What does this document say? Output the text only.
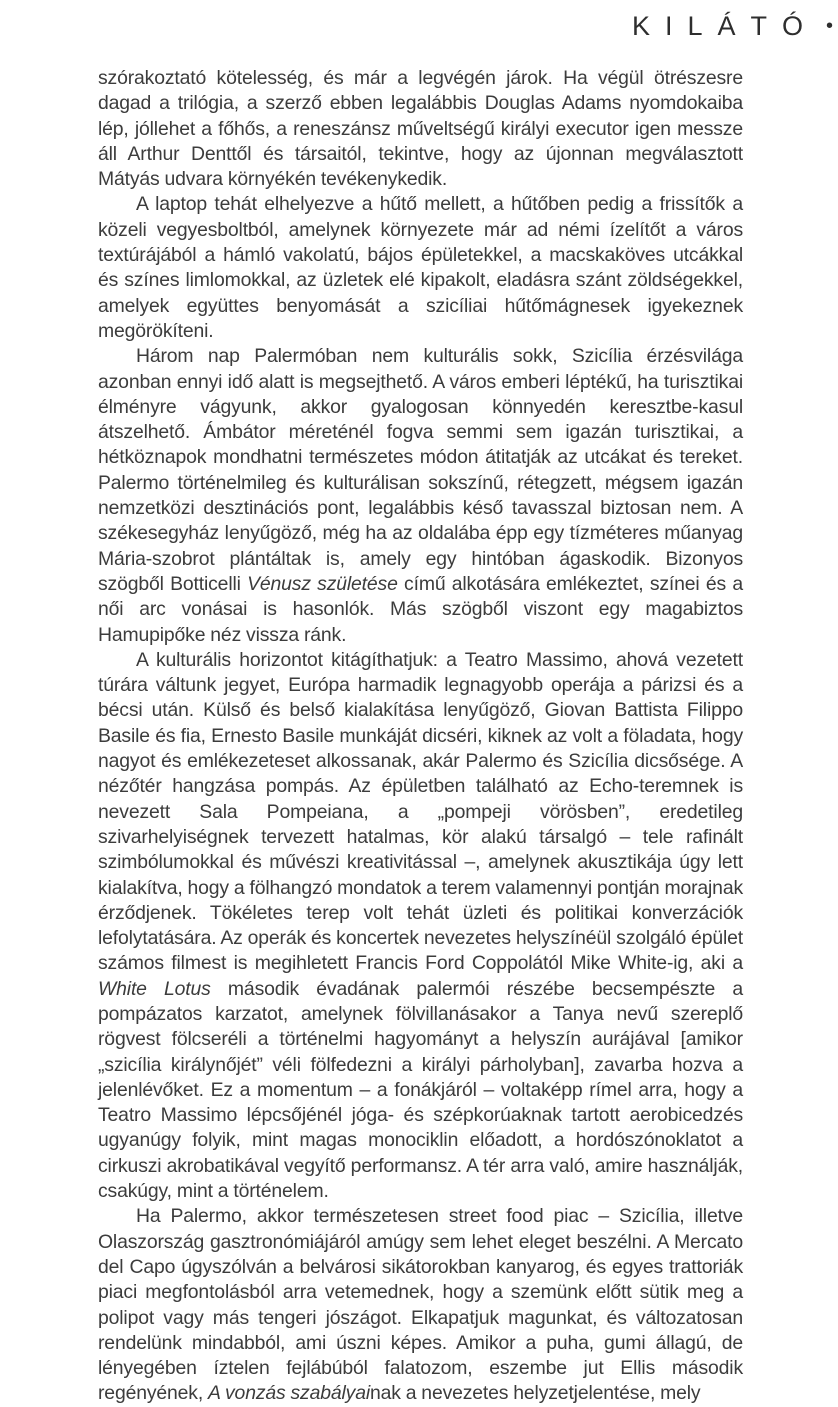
KILÁTÓ •

szórakoztató kötelesség, és már a legvégén járok. Ha végül ötrészesre dagad a trilógia, a szerző ebben legalábbis Douglas Adams nyomdokaiba lép, jóllehet a főhős, a reneszánsz műveltségű királyi executor igen messze áll Arthur Denttől és társaitól, tekintve, hogy az újonnan megválasztott Mátyás udvara környékén tevékenykedik.

A laptop tehát elhelyezve a hűtő mellett, a hűtőben pedig a frissítők a közeli vegyesboltból, amelynek környezete már ad némi ízelítőt a város textúrájából a hámló vakolatú, bájos épületekkel, a macskaköves utcákkal és színes limlomokkal, az üzletek elé kipakolt, eladásra szánt zöldségekkel, amelyek együttes benyomását a szicíliai hűtőmágnesek igyekeznek megörökíteni.

Három nap Palermóban nem kulturális sokk, Szicília érzésvilága azonban ennyi idő alatt is megsejthető. A város emberi léptékű, ha turisztikai élményre vágyunk, akkor gyalogosan könnyedén keresztbe-kasul átszelhető. Ámbátor méreténél fogva semmi sem igazán turisztikai, a hétköznapok mondhatni természetes módon átitatják az utcákat és tereket. Palermo történelmileg és kulturálisan sokszínű, rétegzett, mégsem igazán nemzetközi desztinációs pont, legalábbis késő tavasszal biztosan nem. A székesegyház lenyűgöző, még ha az oldalába épp egy tízméteres műanyag Mária-szobrot plántáltak is, amely egy hintóban ágaskodik. Bizonyos szögből Botticelli Vénusz születése című alkotására emlékeztet, színei és a női arc vonásai is hasonlók. Más szögből viszont egy magabiztos Hamupipőke néz vissza ránk.

A kulturális horizontot kitágíthatjuk: a Teatro Massimo, ahová vezetett túrára váltunk jegyet, Európa harmadik legnagyobb operája a párizsi és a bécsi után. Külső és belső kialakítása lenyűgöző, Giovan Battista Filippo Basile és fia, Ernesto Basile munkáját dicséri, kiknek az volt a föladata, hogy nagyot és emlékezeteset alkossanak, akár Palermo és Szicília dicsősége. A nézőtér hangzása pompás. Az épületben található az Echo-teremnek is nevezett Sala Pompeiana, a „pompeji vörösben”, eredetileg szivarhelyiségnek tervezett hatalmas, kör alakú társalgó – tele rafinált szimbólumokkal és művészi kreativitással –, amelynek akusztikája úgy lett kialakítva, hogy a fölhangzó mondatok a terem valamennyi pontján morajnak érződjenek. Tökéletes terep volt tehát üzleti és politikai konverzációk lefolytatására. Az operák és koncertek nevezetes helyszínéül szolgáló épület számos filmest is megihletett Francis Ford Coppolától Mike White-ig, aki a White Lotus második évadának palermói részébe becsempészte a pompázatos karzatot, amelynek fölvillanásakor a Tanya nevű szereplő rögvest fölcseréli a történelmi hagyományt a helyszín aurájával [amikor „szicília királynőjét” véli fölfedezni a királyi párholyban], zavarba hozva a jelenlévőket. Ez a momentum – a fonákjáról – voltaképp rímel arra, hogy a Teatro Massimo lépcsőjénél jóga- és szépkorúaknak tartott aerobicedzés ugyanúgy folyik, mint magas monociklin előadott, a hordószónoklatot a cirkuszi akrobatikával vegyítő performansz. A tér arra való, amire használják, csakúgy, mint a történelem.

Ha Palermo, akkor természetesen street food piac – Szicília, illetve Olaszország gasztronómiájáról amúgy sem lehet eleget beszélni. A Mercato del Capo úgyszólván a belvárosi sikátorokban kanyarog, és egyes trattoriák piaci megfontolásból arra vetemednek, hogy a szemünk előtt sütik meg a polipot vagy más tengeri jószágot. Elkapatjuk magunkat, és változatosan rendelünk mindabból, ami úszni képes. Amikor a puha, gumi állagú, de lényegében íztelen fejlábúból falatozom, eszembe jut Ellis második regényének, A vonzás szabályainak a nevezetes helyzetjelentése, mely
